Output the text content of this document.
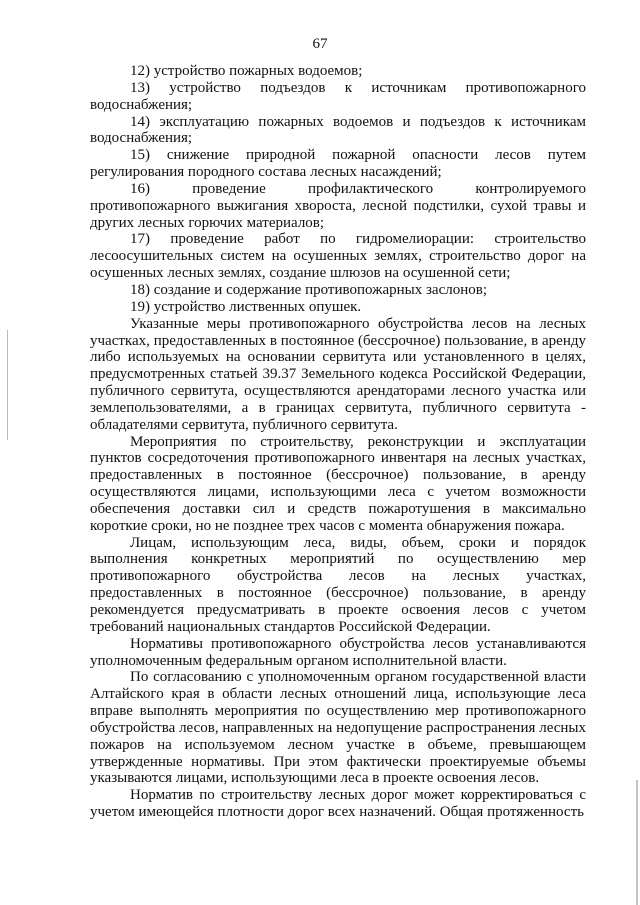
67

12) устройство пожарных водоемов;

13) устройство подъездов к источникам противопожарного водоснабжения;

14) эксплуатацию пожарных водоемов и подъездов к источникам водоснабжения;

15) снижение природной пожарной опасности лесов путем регулирования породного состава лесных насаждений;

16) проведение профилактического контролируемого противопожарного выжигания хвороста, лесной подстилки, сухой травы и других лесных горючих материалов;

17) проведение работ по гидромелиорации: строительство лесоосушительных систем на осушенных землях, строительство дорог на осушенных лесных землях, создание шлюзов на осушенной сети;

18) создание и содержание противопожарных заслонов;

19) устройство лиственных опушек.

Указанные меры противопожарного обустройства лесов на лесных участках, предоставленных в постоянное (бессрочное) пользование, в аренду либо используемых на основании сервитута или установленного в целях, предусмотренных статьей 39.37 Земельного кодекса Российской Федерации, публичного сервитута, осуществляются арендаторами лесного участка или землепользователями, а в границах сервитута, публичного сервитута - обладателями сервитута, публичного сервитута.

Мероприятия по строительству, реконструкции и эксплуатации пунктов сосредоточения противопожарного инвентаря на лесных участках, предоставленных в постоянное (бессрочное) пользование, в аренду осуществляются лицами, использующими леса с учетом возможности обеспечения доставки сил и средств пожаротушения в максимально короткие сроки, но не позднее трех часов с момента обнаружения пожара.

Лицам, использующим леса, виды, объем, сроки и порядок выполнения конкретных мероприятий по осуществлению мер противопожарного обустройства лесов на лесных участках, предоставленных в постоянное (бессрочное) пользование, в аренду рекомендуется предусматривать в проекте освоения лесов с учетом требований национальных стандартов Российской Федерации.

Нормативы противопожарного обустройства лесов устанавливаются уполномоченным федеральным органом исполнительной власти.

По согласованию с уполномоченным органом государственной власти Алтайского края в области лесных отношений лица, использующие леса вправе выполнять мероприятия по осуществлению мер противопожарного обустройства лесов, направленных на недопущение распространения лесных пожаров на используемом лесном участке в объеме, превышающем утвержденные нормативы. При этом фактически проектируемые объемы указываются лицами, использующими леса в проекте освоения лесов.

Норматив по строительству лесных дорог может корректироваться с учетом имеющейся плотности дорог всех назначений. Общая протяженность
